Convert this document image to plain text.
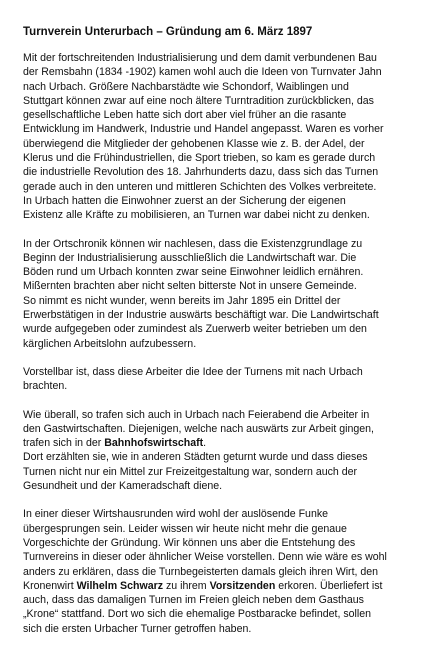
Turnverein Unterurbach – Gründung am 6. März 1897
Mit der fortschreitenden Industrialisierung und dem damit verbundenen Bau
der Remsbahn (1834 -1902) kamen wohl auch die Ideen von Turnvater Jahn
nach Urbach. Größere Nachbarstädte wie Schondorf, Waiblingen und
Stuttgart können zwar auf eine noch ältere Turntradition zurückblicken, das
gesellschaftliche Leben hatte sich dort aber viel früher an die rasante
Entwicklung im Handwerk, Industrie und Handel angepasst. Waren es vorher
überwiegend die Mitglieder der gehobenen Klasse wie z. B. der Adel, der
Klerus und die Frühindustriellen, die Sport trieben, so kam es gerade durch
die industrielle Revolution des 18. Jahrhunderts dazu, dass sich das Turnen
gerade auch in den unteren und mittleren Schichten des Volkes verbreitete.
In Urbach hatten die Einwohner zuerst an der Sicherung der eigenen
Existenz alle Kräfte zu mobilisieren, an Turnen war dabei nicht zu denken.
In der Ortschronik können wir nachlesen, dass die Existenzgrundlage zu
Beginn der Industrialisierung ausschließlich die Landwirtschaft war. Die
Böden rund um Urbach konnten zwar seine Einwohner leidlich ernähren.
Mißernten brachten aber nicht selten bitterste Not in unsere Gemeinde.
So nimmt es nicht wunder, wenn bereits im Jahr 1895 ein Drittel der
Erwerbstätigen in der Industrie auswärts beschäftigt war. Die Landwirtschaft
wurde aufgegeben oder zumindest als Zuerwerb weiter betrieben um den
kärglichen Arbeitslohn aufzubessern.
Vorstellbar ist, dass diese Arbeiter die Idee der Turnens mit nach Urbach
brachten.
Wie überall, so trafen sich auch in Urbach nach Feierabend die Arbeiter in
den Gastwirtschaften. Diejenigen, welche nach auswärts zur Arbeit gingen,
trafen sich in der Bahnhofswirtschaft.
Dort erzählten sie, wie in anderen Städten geturnt wurde und dass dieses
Turnen nicht nur ein Mittel zur Freizeitgestaltung war, sondern auch der
Gesundheit und der Kameradschaft diene.
In einer dieser Wirtshausrunden wird wohl der auslösende Funke
übergesprungen sein. Leider wissen wir heute nicht mehr die genaue
Vorgeschichte der Gründung. Wir können uns aber die Entstehung des
Turnvereins in dieser oder ähnlicher Weise vorstellen. Denn wie wäre es wohl
anders zu erklären, dass die Turnbegeisterten damals gleich ihren Wirt, den
Kronenwirt Wilhelm Schwarz zu ihrem Vorsitzenden erkoren. Überliefert ist
auch, dass das damaligen Turnen im Freien gleich neben dem Gasthaus
„Krone“ stattfand. Dort wo sich die ehemalige Postbaracke befindet, sollen
sich die ersten Urbacher Turner getroffen haben.
